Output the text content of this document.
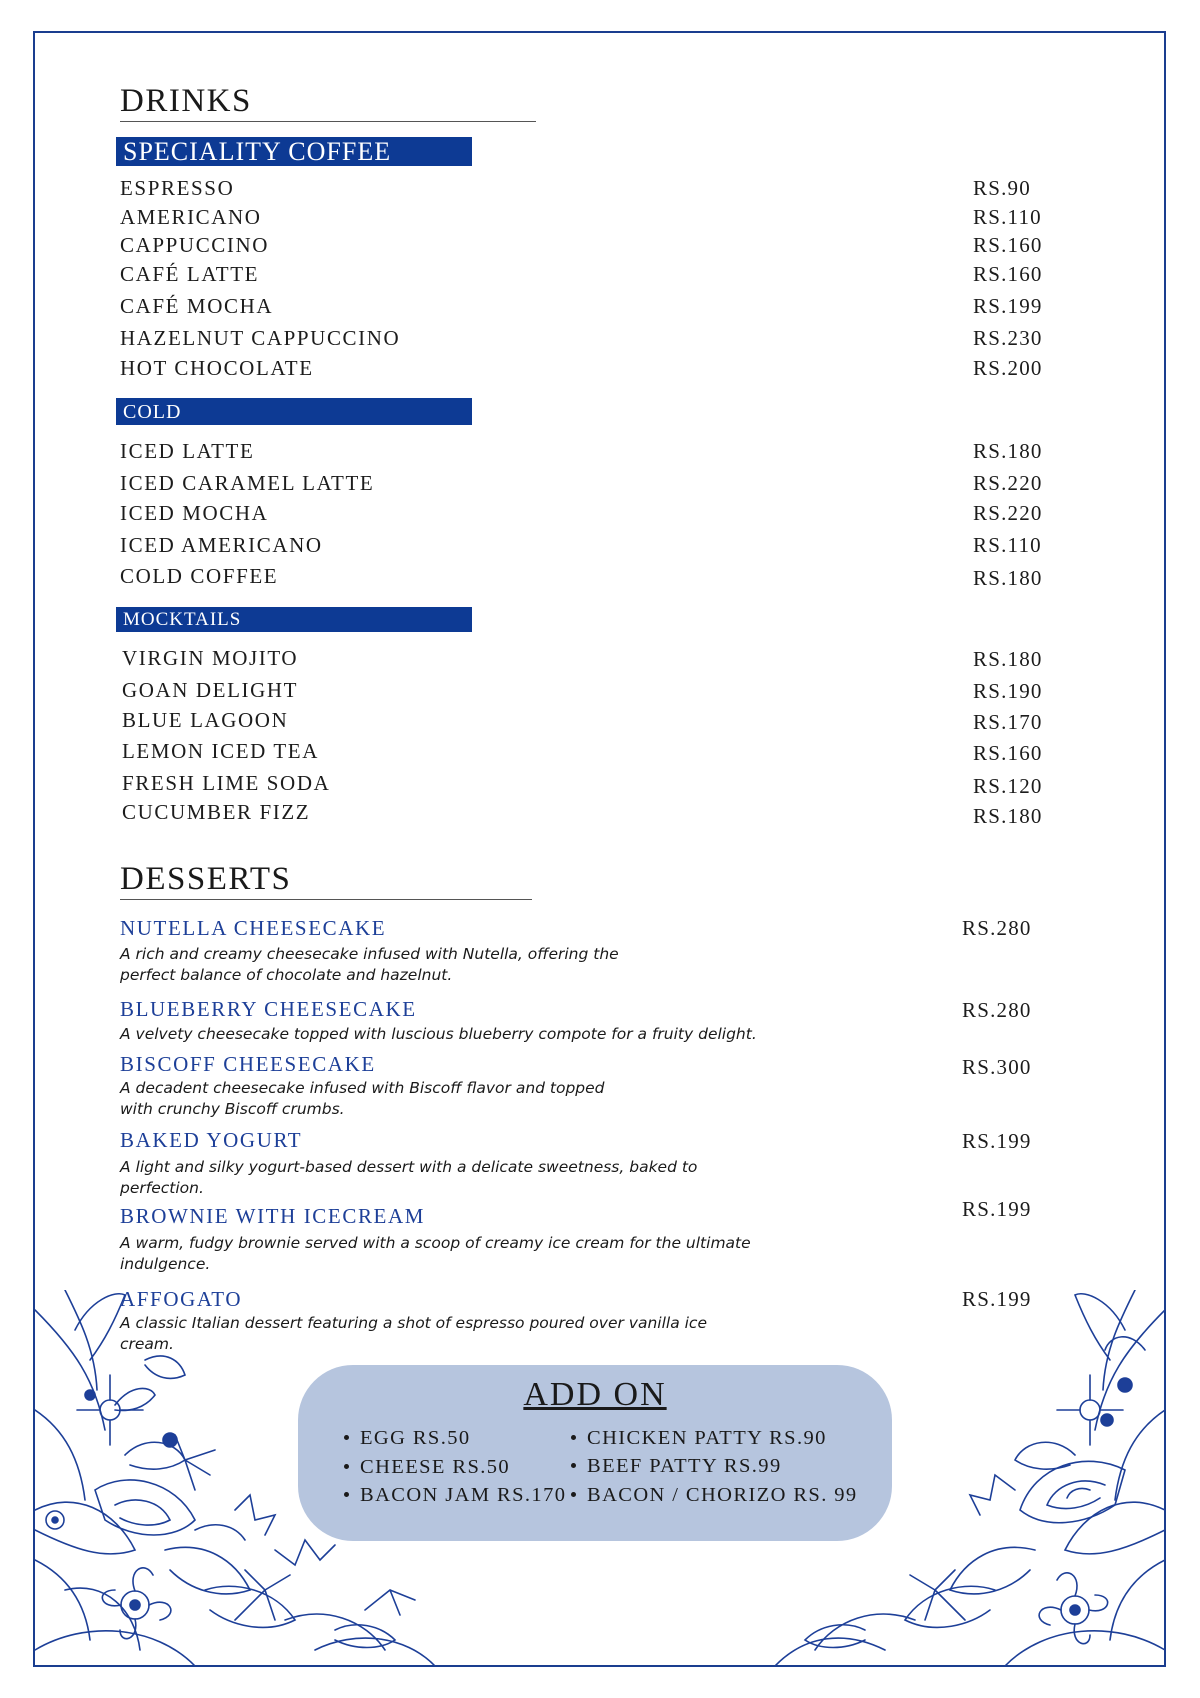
DRINKS
SPECIALITY COFFEE
ESPRESSO	RS.90
AMERICANO	RS.110
CAPPUCCINO	RS.160
CAFÉ LATTE	RS.160
CAFÉ MOCHA	RS.199
HAZELNUT CAPPUCCINO	RS.230
HOT CHOCOLATE	RS.200
COLD
ICED LATTE	RS.180
ICED CARAMEL LATTE	RS.220
ICED MOCHA	RS.220
ICED AMERICANO	RS.110
COLD COFFEE	RS.180
MOCKTAILS
VIRGIN MOJITO	RS.180
GOAN DELIGHT	RS.190
BLUE LAGOON	RS.170
LEMON ICED TEA	RS.160
FRESH LIME SODA	RS.120
CUCUMBER FIZZ	RS.180
DESSERTS
NUTELLA CHEESECAKE	RS.280
A rich and creamy cheesecake infused with Nutella, offering the perfect balance of chocolate and hazelnut.
BLUEBERRY CHEESECAKE	RS.280
A velvety cheesecake topped with luscious blueberry compote for a fruity delight.
BISCOFF CHEESECAKE	RS.300
A decadent cheesecake infused with Biscoff flavor and topped with crunchy Biscoff crumbs.
BAKED YOGURT	RS.199
A light and silky yogurt-based dessert with a delicate sweetness, baked to perfection.
BROWNIE WITH ICECREAM	RS.199
A warm, fudgy brownie served with a scoop of creamy ice cream for the ultimate indulgence.
AFFOGATO	RS.199
A classic Italian dessert featuring a shot of espresso poured over vanilla ice cream.
ADD ON
EGG RS.50
CHEESE RS.50
BACON JAM RS.170
CHICKEN PATTY RS.90
BEEF PATTY RS.99
BACON / CHORIZO RS. 99
